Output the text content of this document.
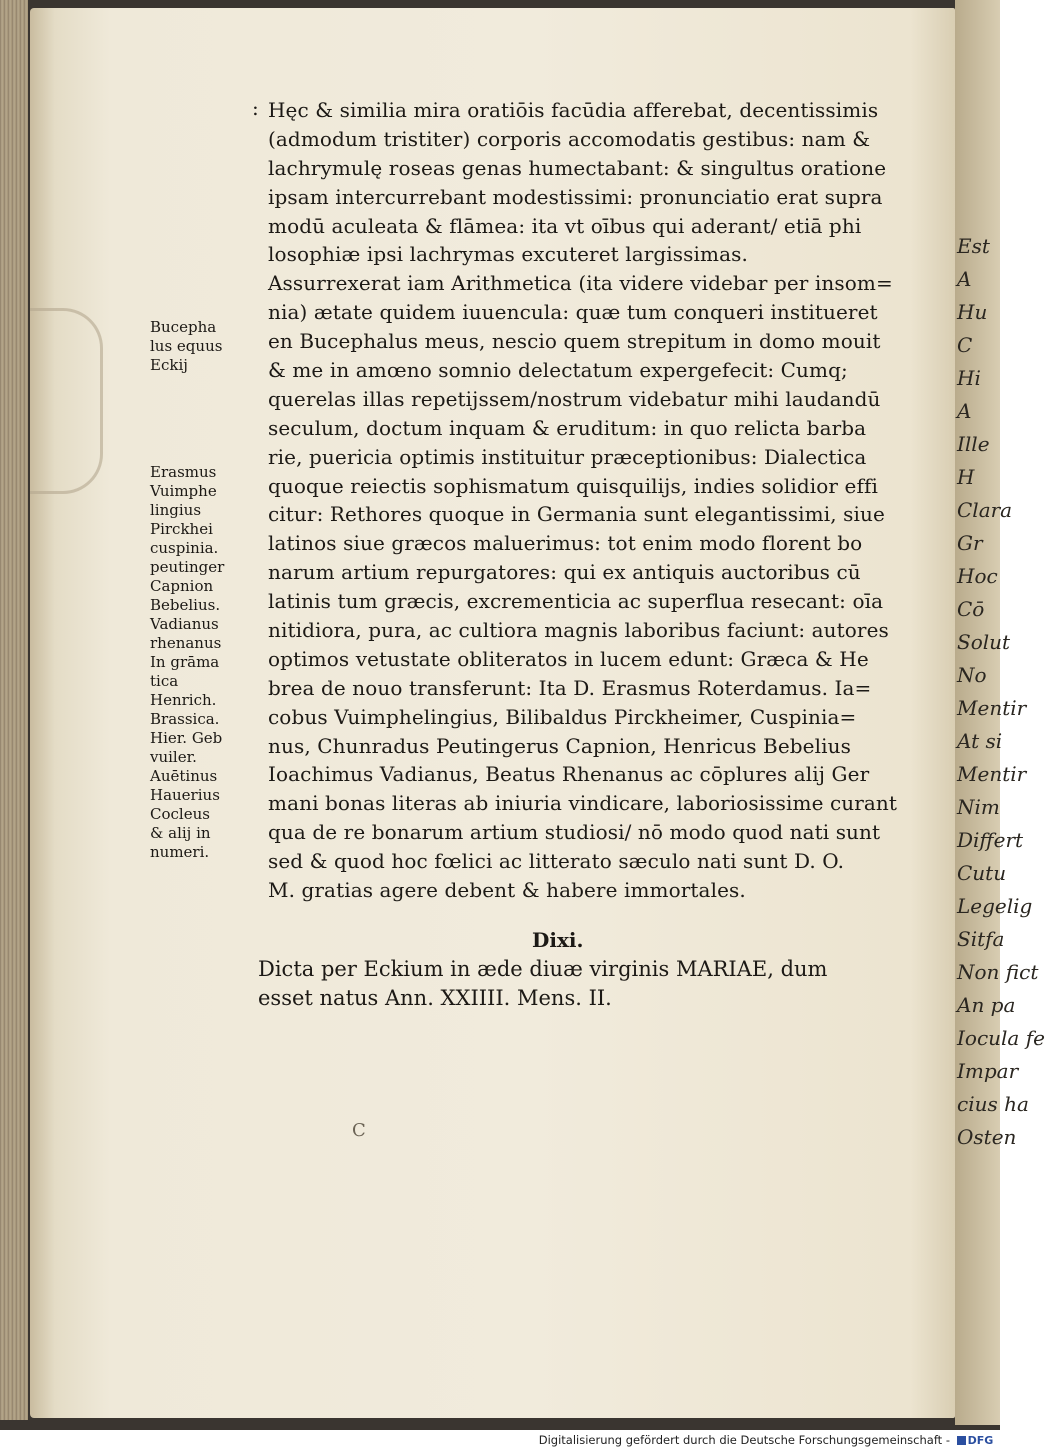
Est
A
Hu
C
Hi
A
Ille
H
Clara
Gr
Hoc
Cō
Solut
No
Mentir
At si
Mentir
Nim
Differt
Cutu
Legelig
Sitfa
Non fict
An pa
Iocula fe
Impar
cius ha
Osten
: Hęc & similia mira oratiōis facūdia afferebat, decentissimis
(admodum tristiter) corporis accomodatis gestibus: nam &
lachrymulę roseas genas humectabant: & singultus oratione
ipsam intercurrebant modestissimi: pronunciatio erat supra
modū aculeata & flāmea: ita vt oībus qui aderant/ etiā phi
losophiæ ipsi lachrymas excuteret largissimas.
Assurrexerat iam Arithmetica (ita videre videbar per insom=
nia) ætate quidem iuuencula: quæ tum conqueri institueret
en Bucephalus meus, nescio quem strepitum in domo mouit
& me in amœno somnio delectatum expergefecit: Cumq;
querelas illas repetijssem/nostrum videbatur mihi laudandū
seculum, doctum inquam & eruditum: in quo relicta barba
rie, puericia optimis instituitur præceptionibus: Dialectica
quoque reiectis sophismatum quisquilijs, indies solidior effi
citur: Rethores quoque in Germania sunt elegantissimi, siue
latinos siue græcos maluerimus: tot enim modo florent bo
narum artium repurgatores: qui ex antiquis auctoribus cū
latinis tum græcis, excrementicia ac superflua resecant: oīa
nitidiora, pura, ac cultiora magnis laboribus faciunt: autores
optimos vetustate obliteratos in lucem edunt: Græca & He
brea de nouo transferunt: Ita D. Erasmus Roterdamus. Ia=
cobus Vuimphelingius, Bilibaldus Pirckheimer, Cuspinia=
nus, Chunradus Peutingerus Capnion, Henricus Bebelius
Ioachimus Vadianus, Beatus Rhenanus ac cōplures alij Ger
mani bonas literas ab iniuria vindicare, laboriosissime curant
qua de re bonarum artium studiosi/ nō modo quod nati sunt
sed & quod hoc fœlici ac litterato sæculo nati sunt D. O.
M. gratias agere debent & habere immortales.
Bucepha
lus equus
Eckij
Erasmus
Vuimphe
lingius
Pirckhei
cuspinia.
peutinger
Capnion
Bebelius.
Vadianus
rhenanus
In grāma
tica
Henrich.
Brassica.
Hier. Geb
vuiler.
Auētinus
Hauerius
Cocleus
& alij in
numeri.
Dixi.
Dicta per Eckium in æde diuæ virginis MARIAE, dum
esset natus Ann. XXIIII. Mens. II.
C
Digitalisierung gefördert durch die Deutsche Forschungsgemeinschaft - DFG
